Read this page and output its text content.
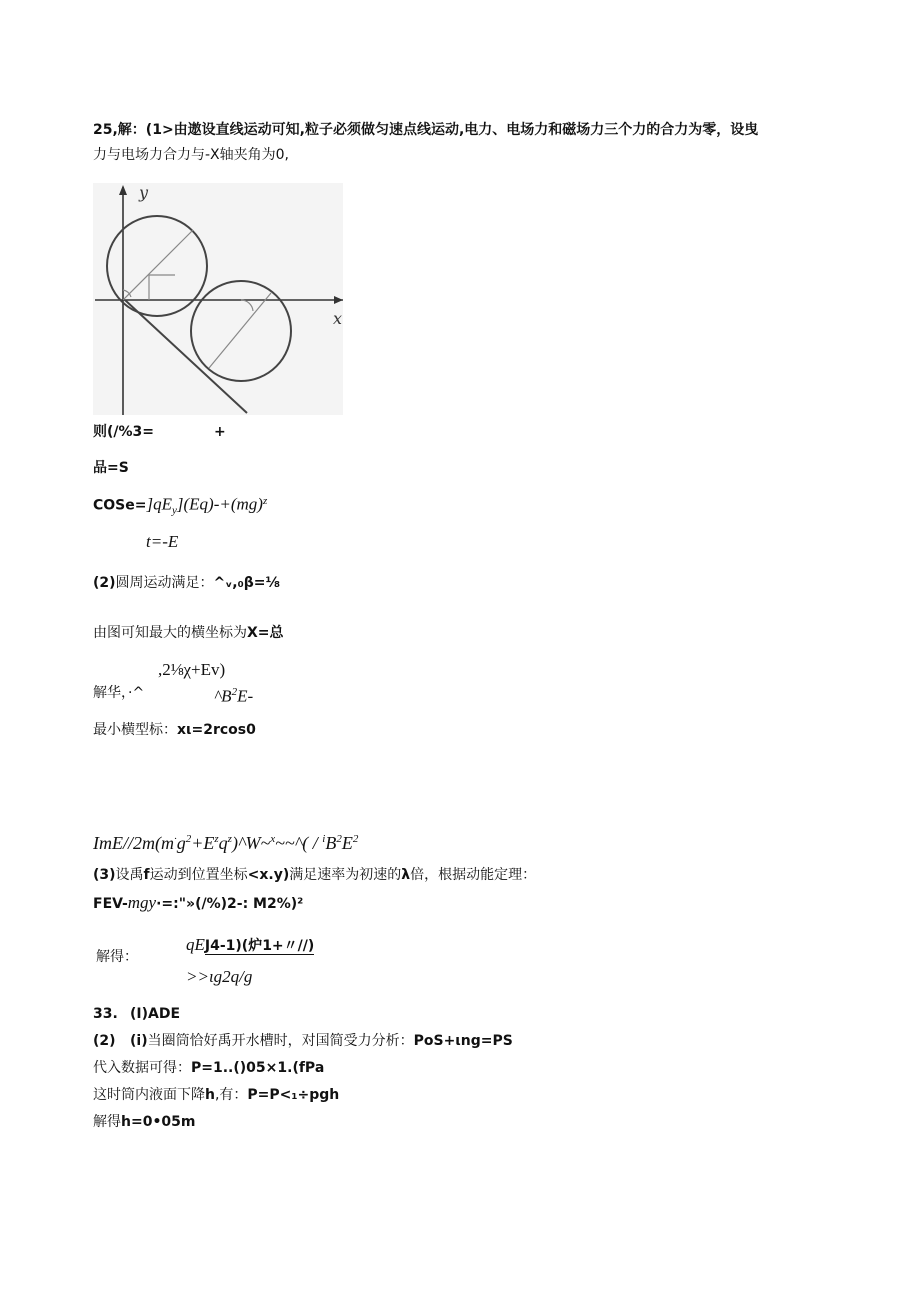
25,解：(1>由遨设直线运动可知,粒子必须做匀速点线运动,电力、电场力和磁场力三个力的合力为零，设曳
力与电场力合力与-X轴夹角为0,
y
x
则(/%3=	+
品=S
$COSe=]qE_y](Eq)-+(mg)^z$
t=-E
(2)圆周运动满足：^ᵥ,₀β=⅛
由图可知最大的横坐标为X=总
,2⅛χ+Ev)
解华，·^	$\^{}B^2E-$
最小横型标：xι=2rcos0
ImE/$/2m(m^\cdot g^2+E^zq^z)\^{}W\sim^x\sim\sim\^{}( / ^iB^2E^2$
(3)设禹f运动到位置坐标<x.y)满足速率为初速的λ倍，根据动能定理：
FEV-mgy·=:"»(/%)2-: M2%)²
解得：
qEJ4-1)(炉1+〃//)
>>ιg2q/g
33. (I)ADE
(2) (i)当圈筒恰好禹开水槽时，对国简受力分析：PoS+ιng=PS
代入数据可得：P=1..()05×1.(fPa
这时筒内液面下降h,有：P=P<₁÷pgh
解得h=0•05m
